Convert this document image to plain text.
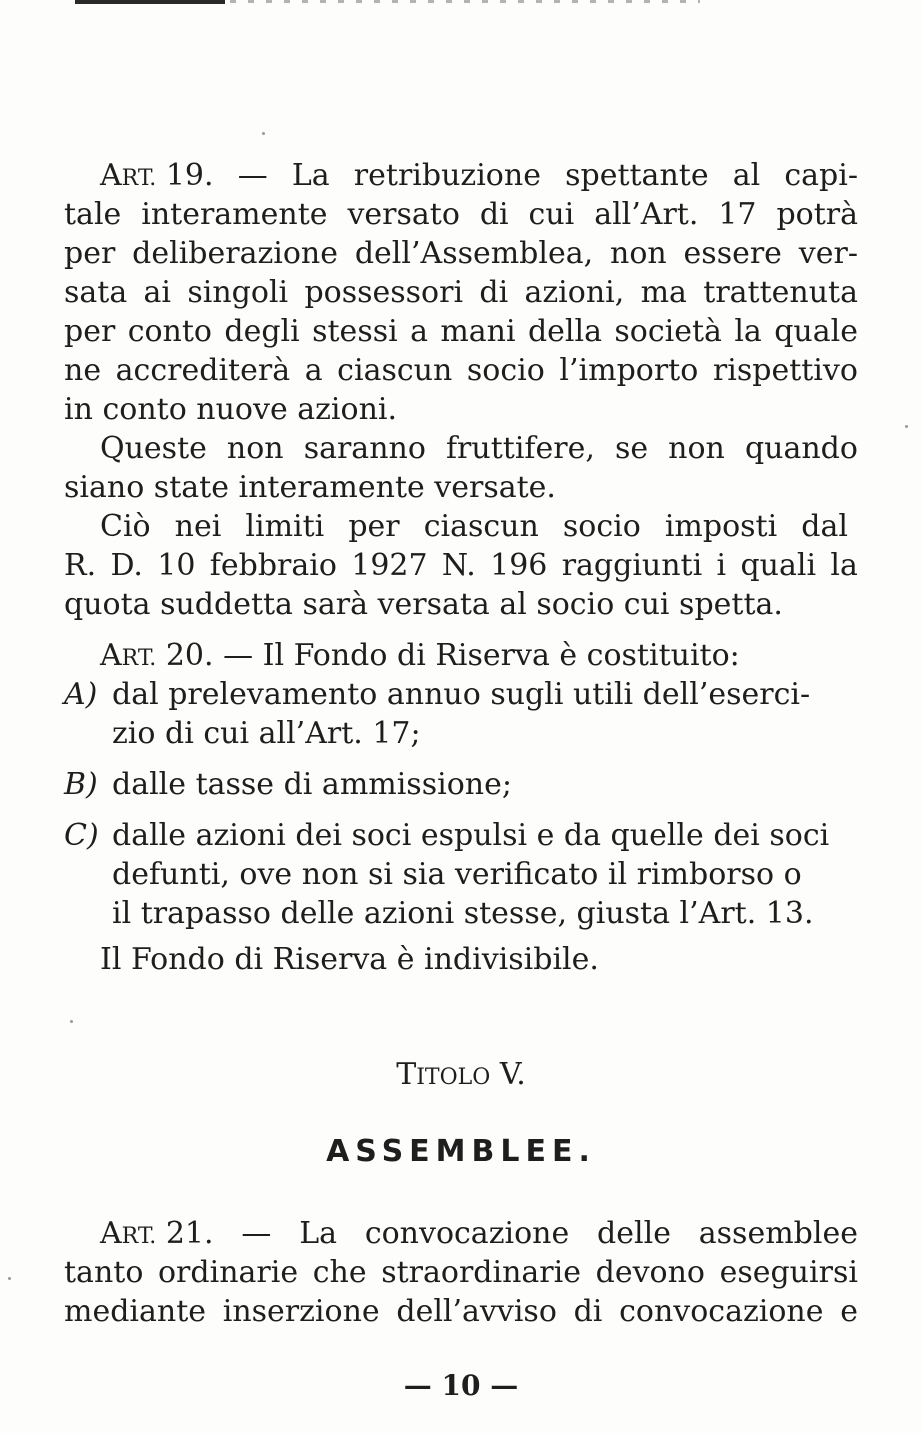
ART. 19. — La retribuzione spettante al capi-
tale interamente versato di cui all’Art. 17 potrà
per deliberazione dell’Assemblea, non essere ver-
sata ai singoli possessori di azioni, ma trattenuta
per conto degli stessi a mani della società la quale
ne accrediterà a ciascun socio l’importo rispettivo
in conto nuove azioni.
Queste non saranno fruttifere, se non quando
siano state interamente versate.
Ciò nei limiti per ciascun socio imposti dal
R. D. 10 febbraio 1927 N. 196 raggiunti i quali la
quota suddetta sarà versata al socio cui spetta.
ART. 20. — Il Fondo di Riserva è costituito:
A) dal prelevamento annuo sugli utili dell’eserci-
zio di cui all’Art. 17;
B) dalle tasse di ammissione;
C) dalle azioni dei soci espulsi e da quelle dei soci
defunti, ove non si sia verificato il rimborso o
il trapasso delle azioni stesse, giusta l’Art. 13.
Il Fondo di Riserva è indivisibile.
TITOLO V.
ASSEMBLEE.
ART. 21. — La convocazione delle assemblee
tanto ordinarie che straordinarie devono eseguirsi
mediante inserzione dell’avviso di convocazione e
— 10 —
